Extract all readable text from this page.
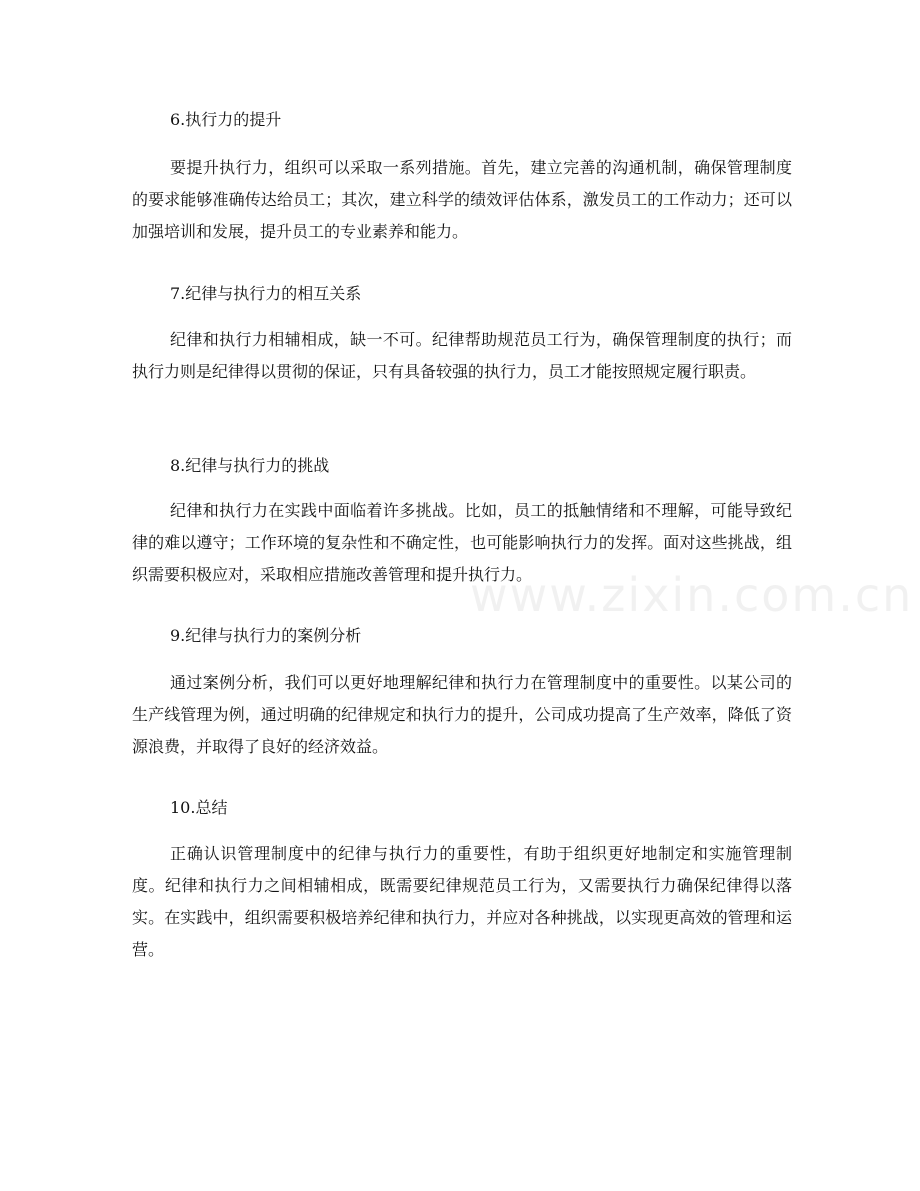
www.zixin.com.cn
6.执行力的提升
要提升执行力，组织可以采取一系列措施。首先，建立完善的沟通机制，确保管理制度的要求能够准确传达给员工；其次，建立科学的绩效评估体系，激发员工的工作动力；还可以加强培训和发展，提升员工的专业素养和能力。
7.纪律与执行力的相互关系
纪律和执行力相辅相成，缺一不可。纪律帮助规范员工行为，确保管理制度的执行；而执行力则是纪律得以贯彻的保证，只有具备较强的执行力，员工才能按照规定履行职责。
8.纪律与执行力的挑战
纪律和执行力在实践中面临着许多挑战。比如，员工的抵触情绪和不理解，可能导致纪律的难以遵守；工作环境的复杂性和不确定性，也可能影响执行力的发挥。面对这些挑战，组织需要积极应对，采取相应措施改善管理和提升执行力。
9.纪律与执行力的案例分析
通过案例分析，我们可以更好地理解纪律和执行力在管理制度中的重要性。以某公司的生产线管理为例，通过明确的纪律规定和执行力的提升，公司成功提高了生产效率，降低了资源浪费，并取得了良好的经济效益。
10.总结
正确认识管理制度中的纪律与执行力的重要性，有助于组织更好地制定和实施管理制度。纪律和执行力之间相辅相成，既需要纪律规范员工行为，又需要执行力确保纪律得以落实。在实践中，组织需要积极培养纪律和执行力，并应对各种挑战，以实现更高效的管理和运营。
